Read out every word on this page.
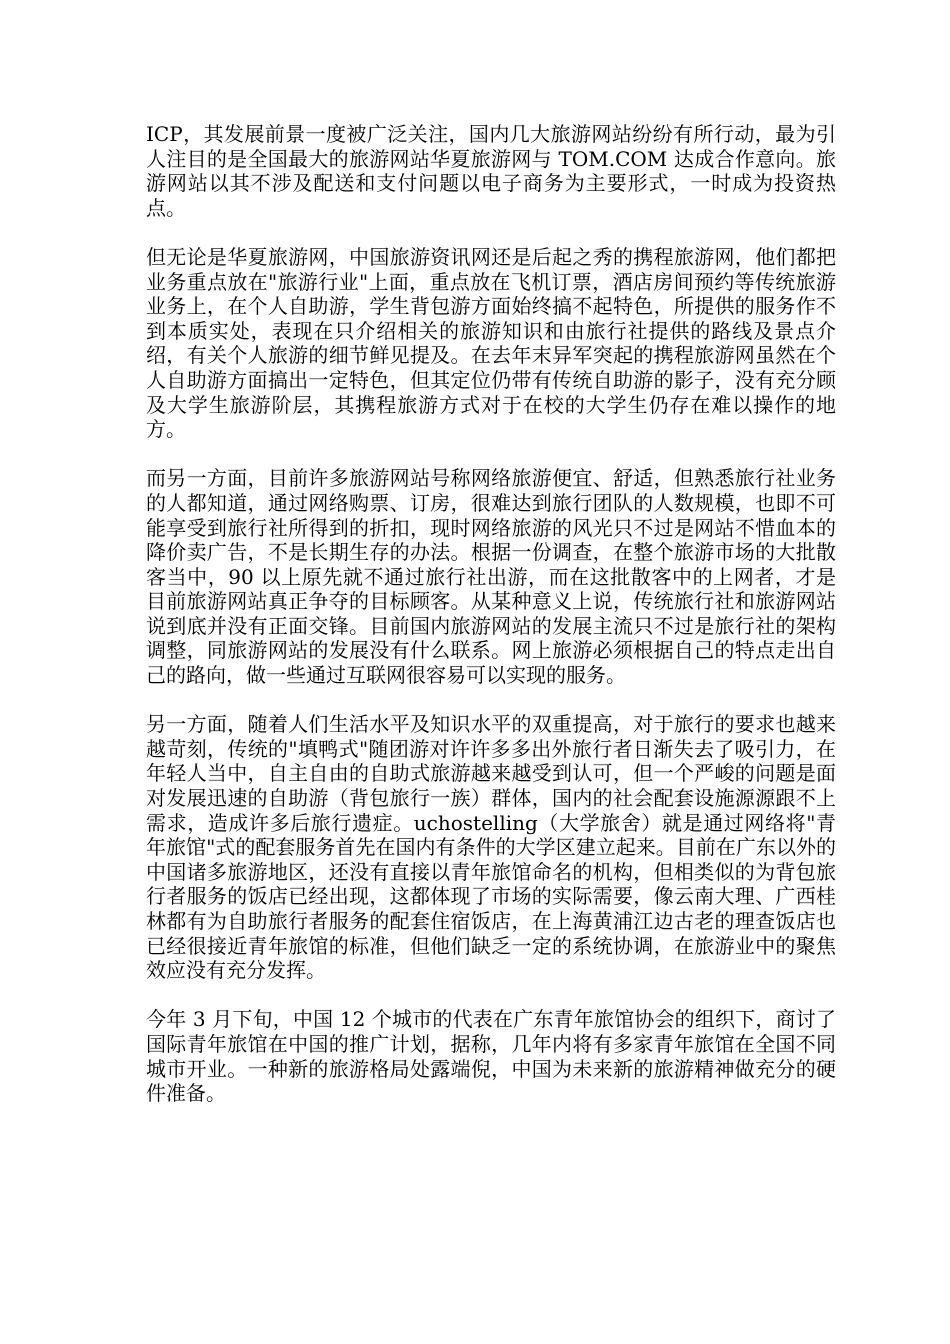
ICP，其发展前景一度被广泛关注，国内几大旅游网站纷纷有所行动，最为引人注目的是全国最大的旅游网站华夏旅游网与 TOM.COM 达成合作意向。旅游网站以其不涉及配送和支付问题以电子商务为主要形式，一时成为投资热点。

但无论是华夏旅游网，中国旅游资讯网还是后起之秀的携程旅游网，他们都把业务重点放在"旅游行业"上面，重点放在飞机订票，酒店房间预约等传统旅游业务上，在个人自助游，学生背包游方面始终搞不起特色，所提供的服务作不到本质实处，表现在只介绍相关的旅游知识和由旅行社提供的路线及景点介绍，有关个人旅游的细节鲜见提及。在去年末异军突起的携程旅游网虽然在个人自助游方面搞出一定特色，但其定位仍带有传统自助游的影子，没有充分顾及大学生旅游阶层，其携程旅游方式对于在校的大学生仍存在难以操作的地方。

而另一方面，目前许多旅游网站号称网络旅游便宜、舒适，但熟悉旅行社业务的人都知道，通过网络购票、订房，很难达到旅行团队的人数规模，也即不可能享受到旅行社所得到的折扣，现时网络旅游的风光只不过是网站不惜血本的降价卖广告，不是长期生存的办法。根据一份调查，在整个旅游市场的大批散客当中，90 以上原先就不通过旅行社出游，而在这批散客中的上网者，才是目前旅游网站真正争夺的目标顾客。从某种意义上说，传统旅行社和旅游网站说到底并没有正面交锋。目前国内旅游网站的发展主流只不过是旅行社的架构调整，同旅游网站的发展没有什么联系。网上旅游必须根据自己的特点走出自己的路向，做一些通过互联网很容易可以实现的服务。

另一方面，随着人们生活水平及知识水平的双重提高，对于旅行的要求也越来越苛刻，传统的"填鸭式"随团游对许许多多出外旅行者日渐失去了吸引力，在年轻人当中，自主自由的自助式旅游越来越受到认可，但一个严峻的问题是面对发展迅速的自助游（背包旅行一族）群体，国内的社会配套设施源源跟不上需求，造成许多后旅行遗症。uchostelling（大学旅舍）就是通过网络将"青年旅馆"式的配套服务首先在国内有条件的大学区建立起来。目前在广东以外的中国诸多旅游地区，还没有直接以青年旅馆命名的机构，但相类似的为背包旅行者服务的饭店已经出现，这都体现了市场的实际需要，像云南大理、广西桂林都有为自助旅行者服务的配套住宿饭店，在上海黄浦江边古老的理查饭店也已经很接近青年旅馆的标准，但他们缺乏一定的系统协调，在旅游业中的聚焦效应没有充分发挥。

今年 3 月下旬，中国 12 个城市的代表在广东青年旅馆协会的组织下，商讨了国际青年旅馆在中国的推广计划，据称，几年内将有多家青年旅馆在全国不同城市开业。一种新的旅游格局处露端倪，中国为未来新的旅游精神做充分的硬件准备。
